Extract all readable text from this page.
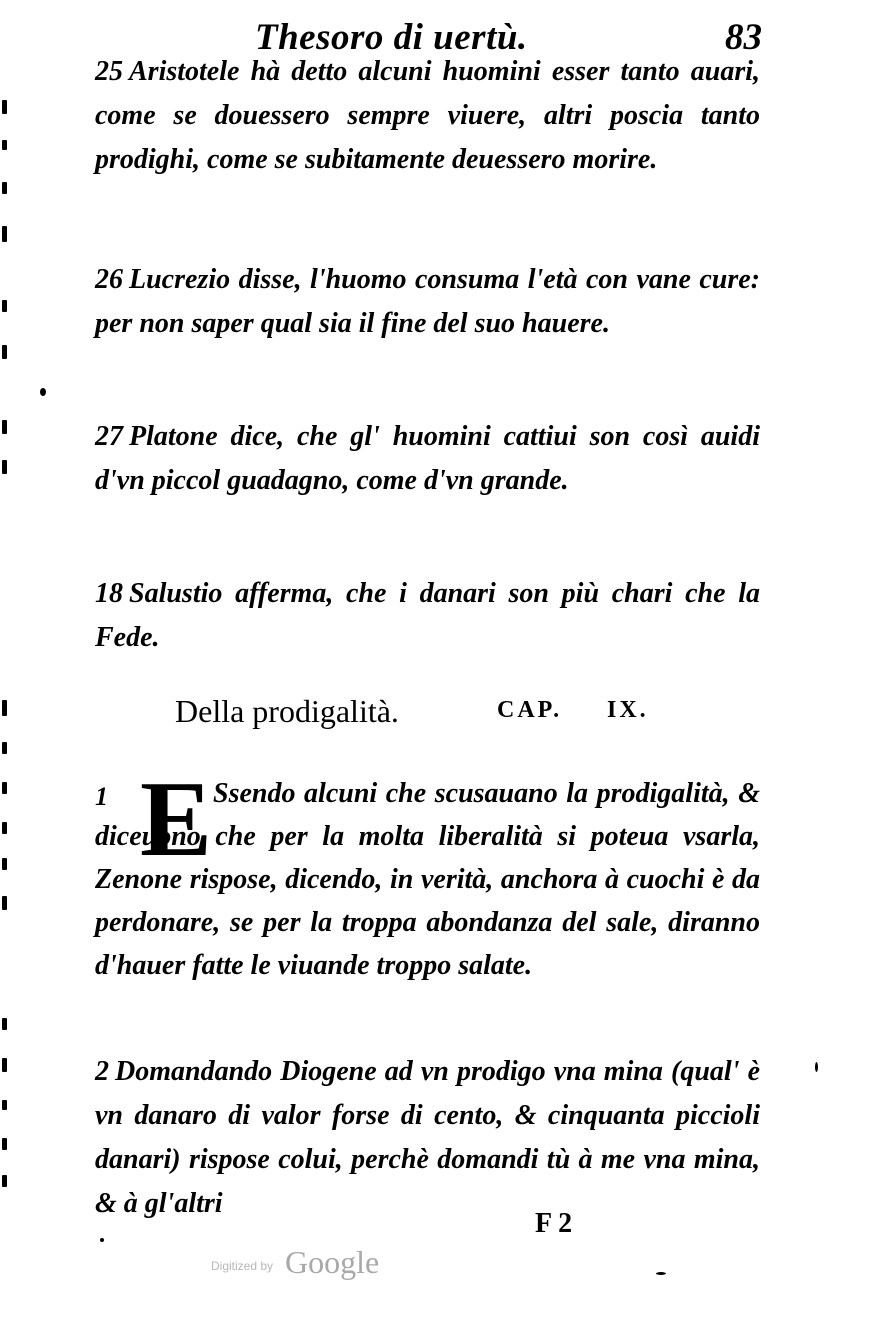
Thesoro di uertù.	83

25 Aristotele hà detto alcuni huomini esser tanto auari, come se douessero sempre viuere, altri poscia tanto prodighi, come se subitamente deuessero morire.

26 Lucrezio disse, l'huomo consuma l'età con vane cure: per non saper qual sia il fine del suo hauere.

27 Platone dice, che gl' huomini cattiui son così auidi d'vn piccol guadagno, come d'vn grande.

18 Salustio afferma, che i danari son più chari che la Fede.

Della prodigalità.	CAP. IX.
1 E Ssendo alcuni che scusauano la prodigalità, & diceuono che per la molta liberalità si poteua vsarla, Zenone rispose, dicendo, in verità, anchora à cuochi è da perdonare, se per la troppa abondanza del sale, diranno d'hauer fatte le viuande troppo salate.

2 Domandando Diogene ad vn prodigo vna mina (qual' è vn danaro di valor forse di cento, & cinquanta piccioli danari) rispose colui, perchè domandi tù à me vna mina, & à gl'altri

F 2
Digitized by Google
